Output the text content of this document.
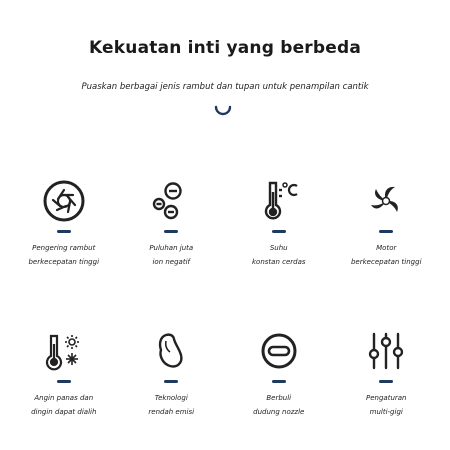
Kekuatan inti yang berbeda
Puaskan berbagai jenis rambut dan tupan untuk penampilan cantik
Pengering rambut
berkecepatan tinggi
Puluhan juta
ion negatif
Suhu
konstan cerdas
Motor
berkecepatan tinggi
Angin panas dan
dingin dapat dialih
Teknologi
rendah emisi
Berbuli
dudung nozzle
Pengaturan
multi-gigi
